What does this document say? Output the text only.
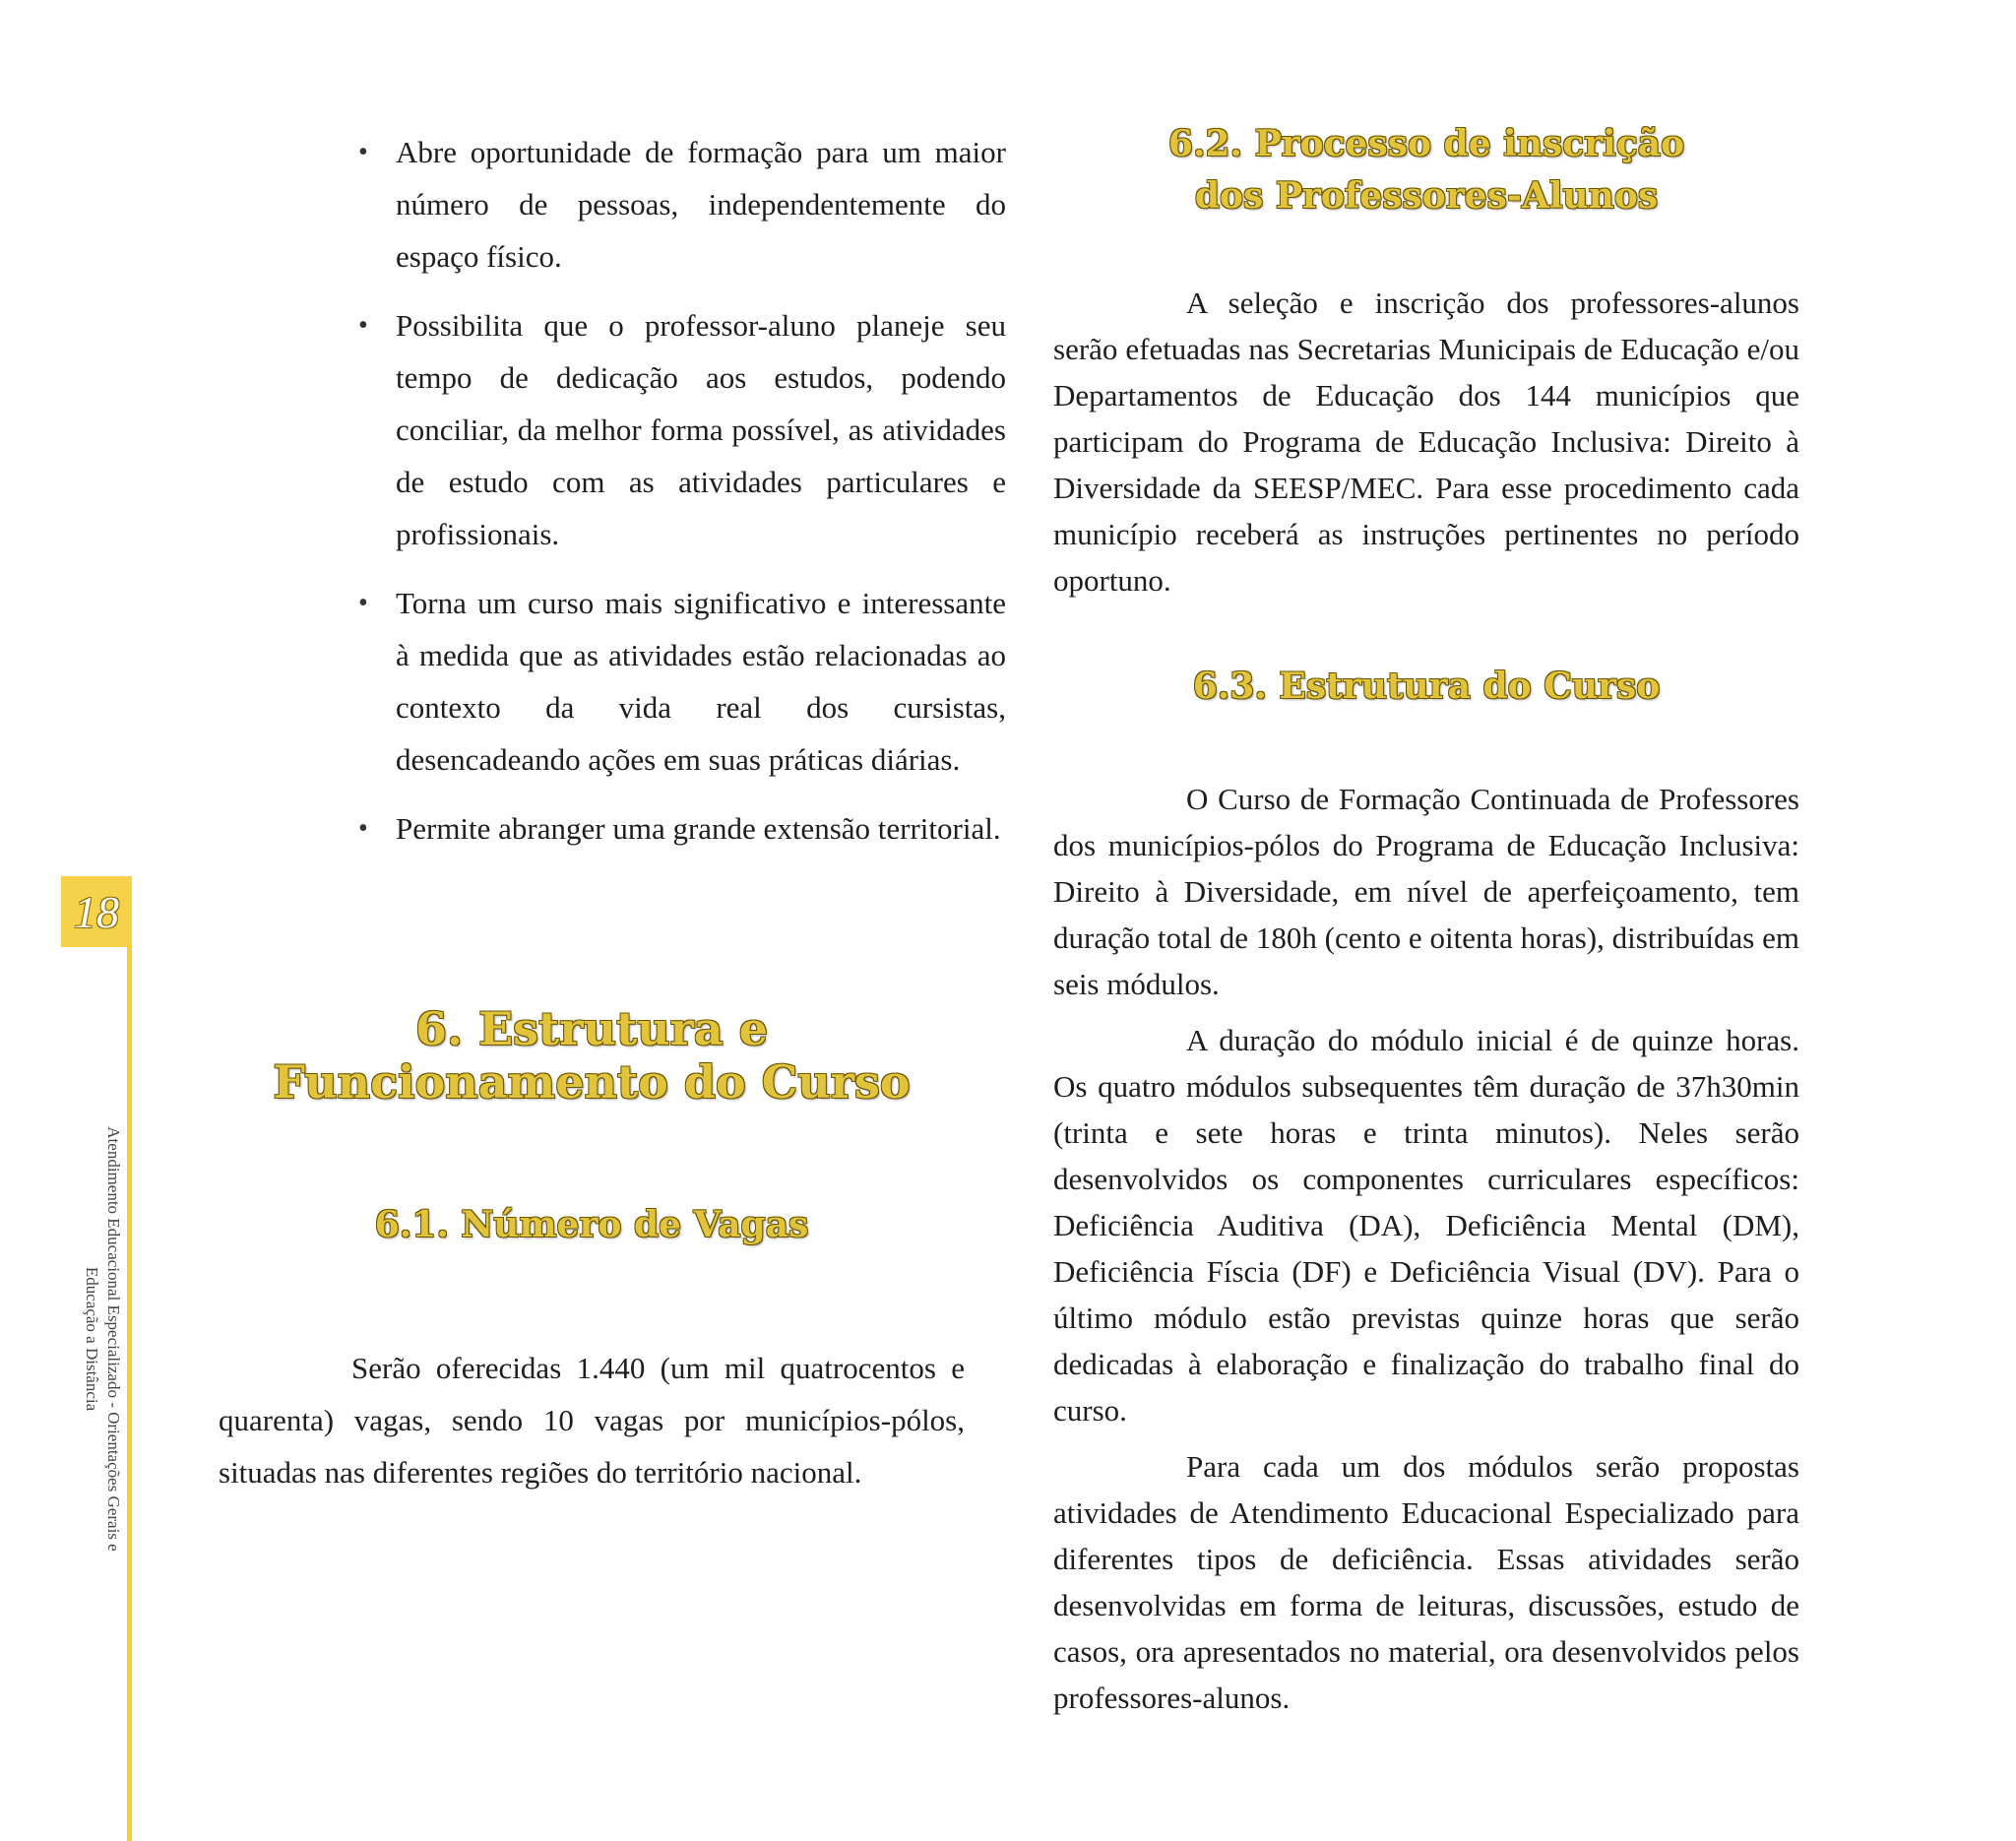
18
Atendimento Educacional Especializado - Orientações Gerais e
Educação a Distância
• Abre oportunidade de formação para um maior número de pessoas, independentemente do espaço físico.
• Possibilita que o professor-aluno planeje seu tempo de dedicação aos estudos, podendo conciliar, da melhor forma possível, as atividades de estudo com as atividades particulares e profissionais.
• Torna um curso mais significativo e interessante à medida que as atividades estão relacionadas ao contexto da vida real dos cursistas, desencadeando ações em suas práticas diárias.
• Permite abranger uma grande extensão territorial.
6. Estrutura e Funcionamento do Curso
6.1. Número de Vagas

Serão oferecidas 1.440 (um mil quatrocentos e quarenta) vagas, sendo 10 vagas por municípios-pólos, situadas nas diferentes regiões do território nacional.

6.2. Processo de inscrição dos Professores-Alunos

A seleção e inscrição dos professores-alunos serão efetuadas nas Secretarias Municipais de Educação e/ou Departamentos de Educação dos 144 municípios que participam do Programa de Educação Inclusiva: Direito à Diversidade da SEESP/MEC. Para esse procedimento cada município receberá as instruções pertinentes no período oportuno.

6.3. Estrutura do Curso

O Curso de Formação Continuada de Professores dos municípios-pólos do Programa de Educação Inclusiva: Direito à Diversidade, em nível de aperfeiçoamento, tem duração total de 180h (cento e oitenta horas), distribuídas em seis módulos.

A duração do módulo inicial é de quinze horas. Os quatro módulos subsequentes têm duração de 37h30min (trinta e sete horas e trinta minutos). Neles serão desenvolvidos os componentes curriculares específicos: Deficiência Auditiva (DA), Deficiência Mental (DM), Deficiência Físcia (DF) e Deficiência Visual (DV). Para o último módulo estão previstas quinze horas que serão dedicadas à elaboração e finalização do trabalho final do curso.

Para cada um dos módulos serão propostas atividades de Atendimento Educacional Especializado para diferentes tipos de deficiência. Essas atividades serão desenvolvidas em forma de leituras, discussões, estudo de casos, ora apresentados no material, ora desenvolvidos pelos professores-alunos.
